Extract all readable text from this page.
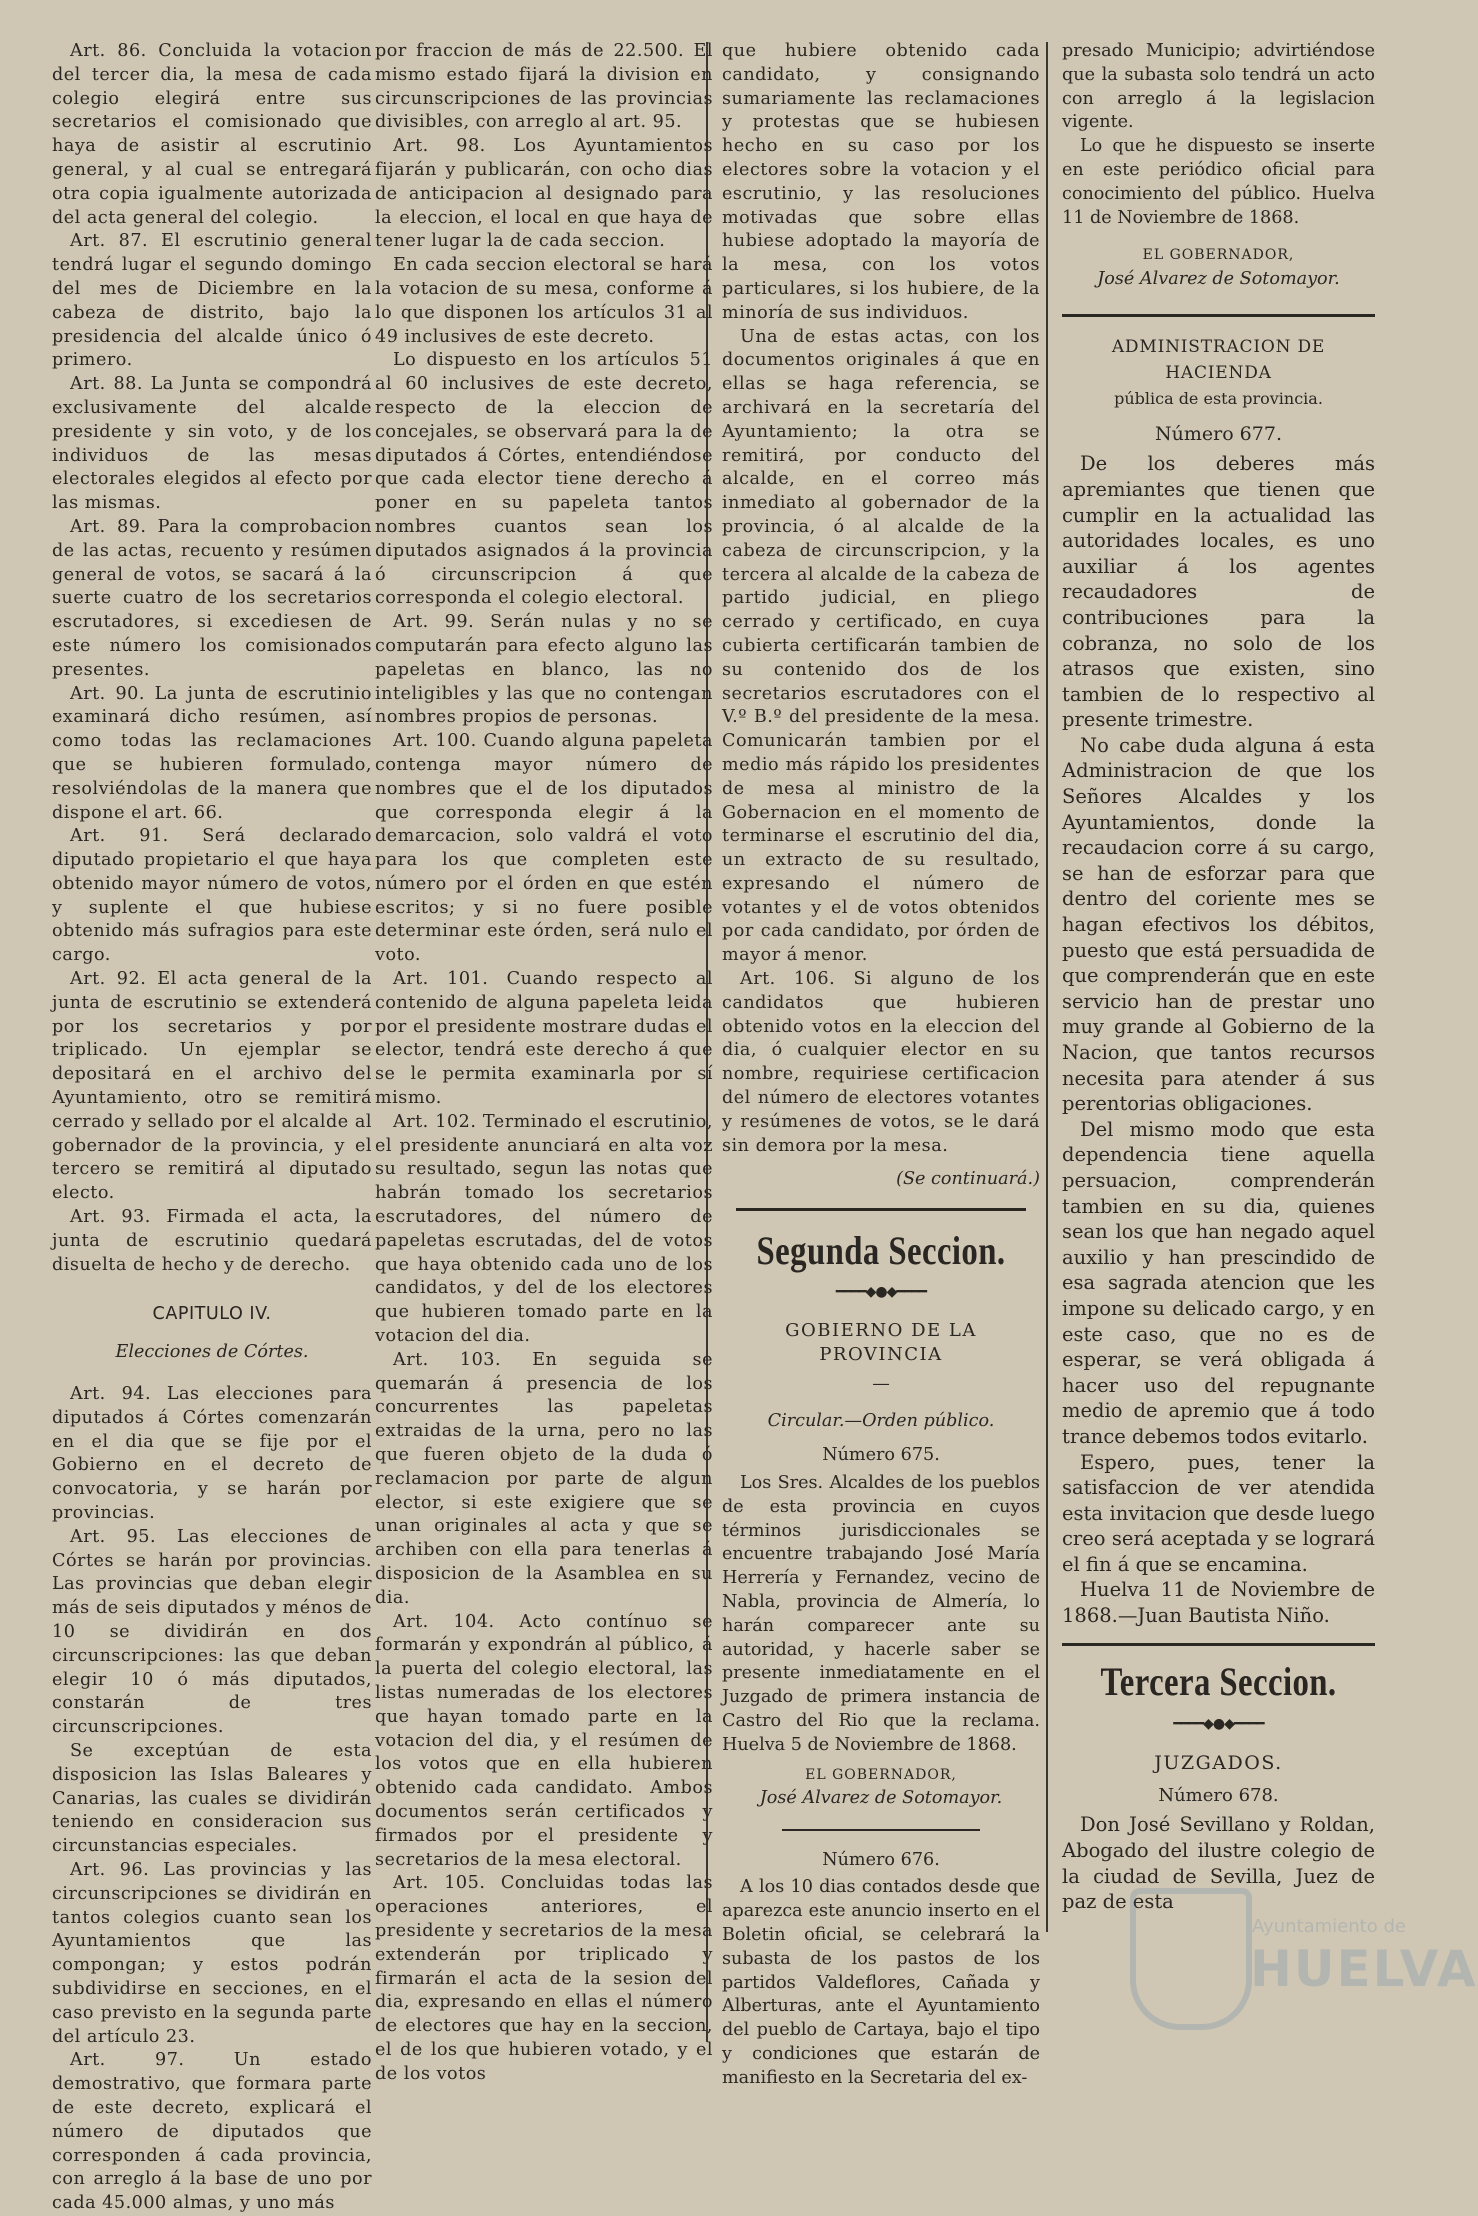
Art. 86. Concluida la votacion del tercer dia, la mesa de cada colegio elegirá entre sus secretarios el comisionado que haya de asistir al escrutinio general, y al cual se entregará otra copia igualmente autorizada del acta general del colegio.

Art. 87. El escrutinio general tendrá lugar el segundo domingo del mes de Diciembre en la cabeza de distrito, bajo la presidencia del alcalde único ó primero.

Art. 88. La Junta se compondrá exclusivamente del alcalde presidente y sin voto, y de los individuos de las mesas electorales elegidos al efecto por las mismas.

Art. 89. Para la comprobacion de las actas, recuento y resúmen general de votos, se sacará á la suerte cuatro de los secretarios escrutadores, si excediesen de este número los comisionados presentes.

Art. 90. La junta de escrutinio examinará dicho resúmen, así como todas las reclamaciones que se hubieren formulado, resolviéndolas de la manera que dispone el art. 66.

Art. 91. Será declarado diputado propietario el que haya obtenido mayor número de votos, y suplente el que hubiese obtenido más sufragios para este cargo.

Art. 92. El acta general de la junta de escrutinio se extenderá por los secretarios y por triplicado. Un ejemplar se depositará en el archivo del Ayuntamiento, otro se remitirá cerrado y sellado por el alcalde al gobernador de la provincia, y el tercero se remitirá al diputado electo.

Art. 93. Firmada el acta, la junta de escrutinio quedará disuelta de hecho y de derecho.

CAPITULO IV.
Elecciones de Córtes.

Art. 94. Las elecciones para diputados á Córtes comenzarán en el dia que se fije por el Gobierno en el decreto de convocatoria, y se harán por provincias.

Art. 95. Las elecciones de Córtes se harán por provincias. Las provincias que deban elegir más de seis diputados y ménos de 10 se dividirán en dos circunscripciones: las que deban elegir 10 ó más diputados, constarán de tres circunscripciones.

Se exceptúan de esta disposicion las Islas Baleares y Canarias, las cuales se dividirán teniendo en consideracion sus circunstancias especiales.

Art. 96. Las provincias y las circunscripciones se dividirán en tantos colegios cuanto sean los Ayuntamientos que las compongan; y estos podrán subdividirse en secciones, en el caso previsto en la segunda parte del artículo 23.

Art. 97. Un estado demostrativo, que formara parte de este decreto, explicará el número de diputados que corresponden á cada provincia, con arreglo á la base de uno por cada 45.000 almas, y uno más

por fraccion de más de 22.500. El mismo estado fijará la division en circunscripciones de las provincias divisibles, con arreglo al art. 95.

Art. 98. Los Ayuntamientos fijarán y publicarán, con ocho dias de anticipacion al designado para la eleccion, el local en que haya de tener lugar la de cada seccion.

En cada seccion electoral se hará la votacion de su mesa, conforme á lo que disponen los artículos 31 al 49 inclusives de este decreto.

Lo dispuesto en los artículos 51 al 60 inclusives de este decreto, respecto de la eleccion de concejales, se observará para la de diputados á Córtes, entendiéndose que cada elector tiene derecho á poner en su papeleta tantos nombres cuantos sean los diputados asignados á la provincia ó circunscripcion á que corresponda el colegio electoral.

Art. 99. Serán nulas y no se computarán para efecto alguno las papeletas en blanco, las no inteligibles y las que no contengan nombres propios de personas.

Art. 100. Cuando alguna papeleta contenga mayor número de nombres que el de los diputados que corresponda elegir á la demarcacion, solo valdrá el voto para los que completen este número por el órden en que estén escritos; y si no fuere posible determinar este órden, será nulo el voto.

Art. 101. Cuando respecto al contenido de alguna papeleta leida por el presidente mostrare dudas el elector, tendrá este derecho á que se le permita examinarla por sí mismo.

Art. 102. Terminado el escrutinio, el presidente anunciará en alta voz su resultado, segun las notas que habrán tomado los secretarios escrutadores, del número de papeletas escrutadas, del de votos que haya obtenido cada uno de los candidatos, y del de los electores que hubieren tomado parte en la votacion del dia.

Art. 103. En seguida se quemarán á presencia de los concurrentes las papeletas extraidas de la urna, pero no las que fueren objeto de la duda ó reclamacion por parte de algun elector, si este exigiere que se unan originales al acta y que se archiben con ella para tenerlas á disposicion de la Asamblea en su dia.

Art. 104. Acto contínuo se formarán y expondrán al público, á la puerta del colegio electoral, las listas numeradas de los electores que hayan tomado parte en la votacion del dia, y el resúmen de los votos que en ella hubieren obtenido cada candidato. Ambos documentos serán certificados y firmados por el presidente y secretarios de la mesa electoral.

Art. 105. Concluidas todas las operaciones anteriores, el presidente y secretarios de la mesa extenderán por triplicado y firmarán el acta de la sesion del dia, expresando en ellas el número de electores que hay en la seccion, el de los que hubieren votado, y el de los votos

que hubiere obtenido cada candidato, y consignando sumariamente las reclamaciones y protestas que se hubiesen hecho en su caso por los electores sobre la votacion y el escrutinio, y las resoluciones motivadas que sobre ellas hubiese adoptado la mayoría de la mesa, con los votos particulares, si los hubiere, de la minoría de sus individuos.

Una de estas actas, con los documentos originales á que en ellas se haga referencia, se archivará en la secretaría del Ayuntamiento; la otra se remitirá, por conducto del alcalde, en el correo más inmediato al gobernador de la provincia, ó al alcalde de la cabeza de circunscripcion, y la tercera al alcalde de la cabeza de partido judicial, en pliego cerrado y certificado, en cuya cubierta certificarán tambien de su contenido dos de los secretarios escrutadores con el V.º B.º del presidente de la mesa. Comunicarán tambien por el medio más rápido los presidentes de mesa al ministro de la Gobernacion en el momento de terminarse el escrutinio del dia, un extracto de su resultado, expresando el número de votantes y el de votos obtenidos por cada candidato, por órden de mayor á menor.

Art. 106. Si alguno de los candidatos que hubieren obtenido votos en la eleccion del dia, ó cualquier elector en su nombre, requiriese certificacion del número de electores votantes y resúmenes de votos, se le dará sin demora por la mesa.

(Se continuará.)
Segunda Seccion.
━━━━◆●◆━━━━
GOBIERNO DE LA PROVINCIA
—
Circular.—Orden público.
Número 675.

Los Sres. Alcaldes de los pueblos de esta provincia en cuyos términos jurisdiccionales se encuentre trabajando José María Herrería y Fernandez, vecino de Nabla, provincia de Almería, lo harán comparecer ante su autoridad, y hacerle saber se presente inmediatamente en el Juzgado de primera instancia de Castro del Rio que la reclama. Huelva 5 de Noviembre de 1868.

EL GOBERNADOR,
José Alvarez de Sotomayor.
Número 676.

A los 10 dias contados desde que aparezca este anuncio inserto en el Boletin oficial, se celebrará la subasta de los pastos de los partidos Valdeflores, Cañada y Alberturas, ante el Ayuntamiento del pueblo de Cartaya, bajo el tipo y condiciones que estarán de manifiesto en la Secretaria del ex-

presado Municipio; advirtiéndose que la subasta solo tendrá un acto con arreglo á la legislacion vigente.

Lo que he dispuesto se inserte en este periódico oficial para conocimiento del público. Huelva 11 de Noviembre de 1868.

EL GOBERNADOR,
José Alvarez de Sotomayor.
ADMINISTRACION DE HACIENDA
pública de esta provincia.
Número 677.

De los deberes más apremiantes que tienen que cumplir en la actualidad las autoridades locales, es uno auxiliar á los agentes recaudadores de contribuciones para la cobranza, no solo de los atrasos que existen, sino tambien de lo respectivo al presente trimestre.

No cabe duda alguna á esta Administracion de que los Señores Alcaldes y los Ayuntamientos, donde la recaudacion corre á su cargo, se han de esforzar para que dentro del coriente mes se hagan efectivos los débitos, puesto que está persuadida de que comprenderán que en este servicio han de prestar uno muy grande al Gobierno de la Nacion, que tantos recursos necesita para atender á sus perentorias obligaciones.

Del mismo modo que esta dependencia tiene aquella persuacion, comprenderán tambien en su dia, quienes sean los que han negado aquel auxilio y han prescindido de esa sagrada atencion que les impone su delicado cargo, y en este caso, que no es de esperar, se verá obligada á hacer uso del repugnante medio de apremio que á todo trance debemos todos evitarlo.

Espero, pues, tener la satisfaccion de ver atendida esta invitacion que desde luego creo será aceptada y se logrará el fin á que se encamina.

Huelva 11 de Noviembre de 1868.—Juan Bautista Niño.

Tercera Seccion.
━━━━◆●◆━━━━
JUZGADOS.
Número 678.

Don José Sevillano y Roldan, Abogado del ilustre colegio de la ciudad de Sevilla, Juez de paz de esta

Ayuntamiento de
HUELVA
